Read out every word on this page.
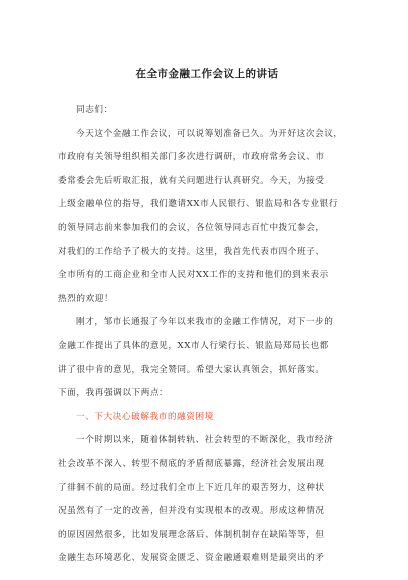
在全市金融工作会议上的讲话
同志们：
今天这个金融工作会议，可以说筹划准备已久。为开好这次会议，
市政府有关领导组织相关部门多次进行调研，市政府常务会议、市
委常委会先后听取汇报，就有关问题进行认真研究。今天，为接受
上级金融单位的指导，我们邀请XX市人民银行、银监局和各专业银行
的领导同志前来参加我们的会议，各位领导同志百忙中拨冗参会，
对我们的工作给予了极大的支持。这里，我首先代表市四个班子、
全市所有的工商企业和全市人民对XX工作的支持和他们的到来表示
热烈的欢迎！
刚才，邹市长通报了今年以来我市的金融工作情况，对下一步的
金融工作提出了具体的意见，XX市人行梁行长、银监局郑局长也都
讲了很中肯的意见，我完全赞同。希望大家认真领会，抓好落实。
下面，我再强调以下两点：
一、下大决心破解我市的融资困境
一个时期以来，随着体制转轨、社会转型的不断深化，我市经济
社会改革不深入、转型不彻底的矛盾彻底暴露，经济社会发展出现
了徘徊不前的局面。经过我们全市上下近几年的艰苦努力，这种状
况虽然有了一定的改善，但并没有实现根本的改观。形成这种情况
的原因固然很多，比如发展理念落后、体制机制存在缺陷等等，但
金融生态环境恶化、发展资金匮乏、资金融通艰难则是最突出的矛
